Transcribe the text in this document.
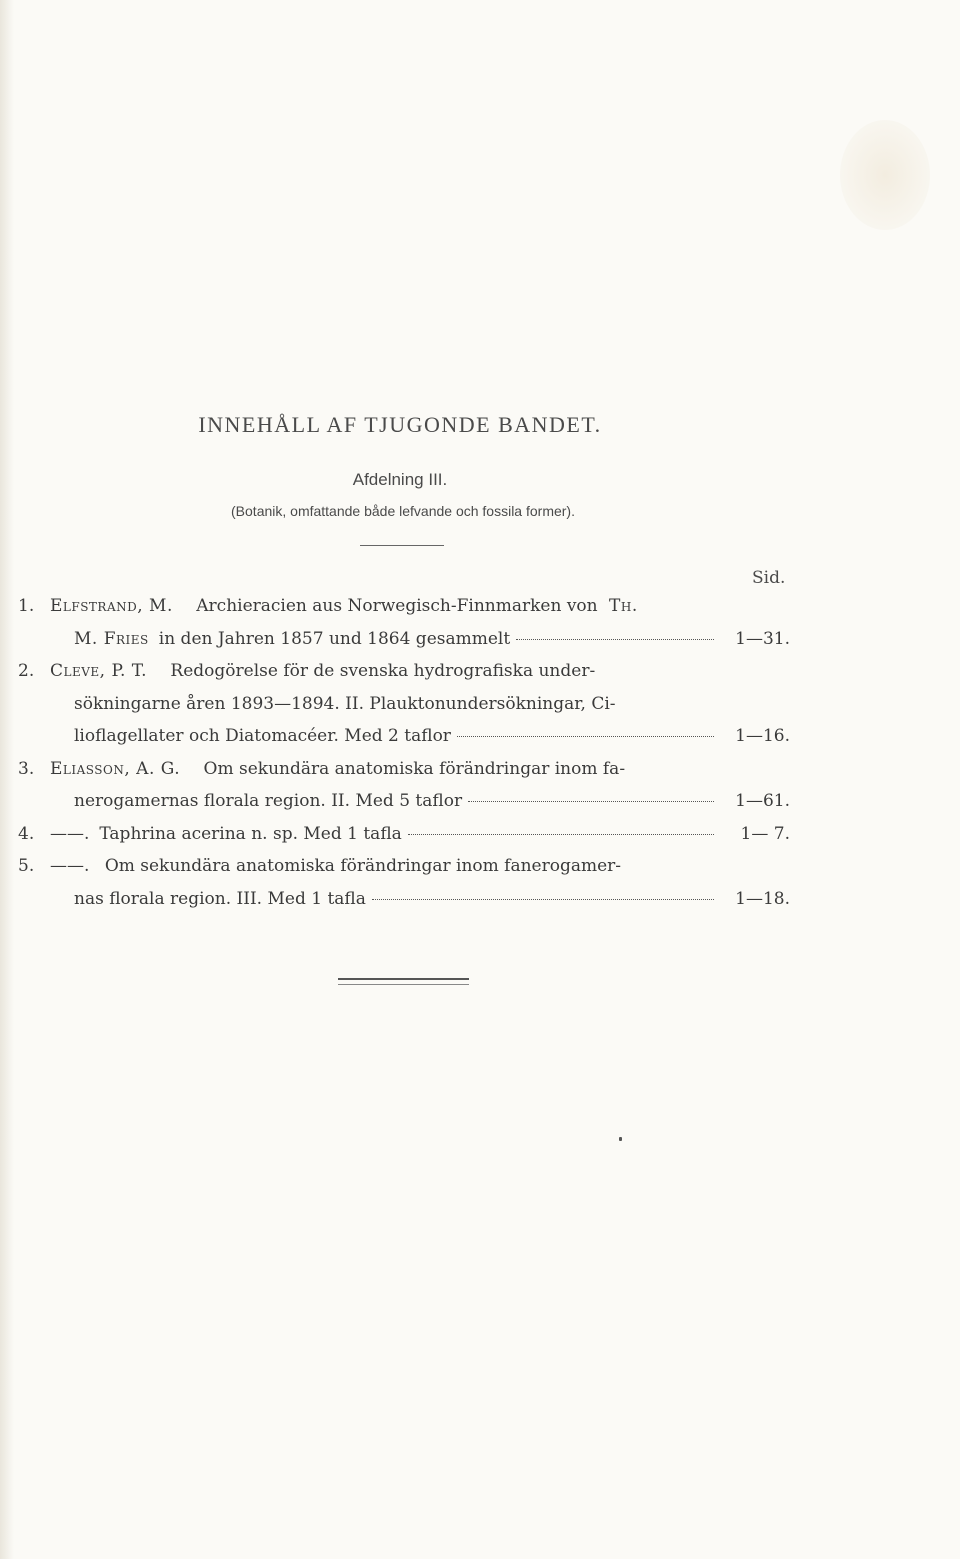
INNEHÅLL AF TJUGONDE BANDET.
Afdelning III.
(Botanik, omfattande både lefvande och fossila former).
Sid.
1. Elfstrand, M. Archieracien aus Norwegisch-Finnmarken von Th.
M. Fries in den Jahren 1857 und 1864 gesammelt	1—31.
2. Cleve, P. T. Redogörelse för de svenska hydrografiska under-
sökningarne åren 1893—1894. II. Plauktonundersökningar, Ci-
lioflagellater och Diatomacéer. Med 2 taflor	1—16.
3. Eliasson, A. G. Om sekundära anatomiska förändringar inom fa-
nerogamernas florala region. II. Med 5 taflor	1—61.
4. ——. Taphrina acerina n. sp. Med 1 tafla	1— 7.
5. ——. Om sekundära anatomiska förändringar inom fanerogamer-
nas florala region. III. Med 1 tafla	1—18.
